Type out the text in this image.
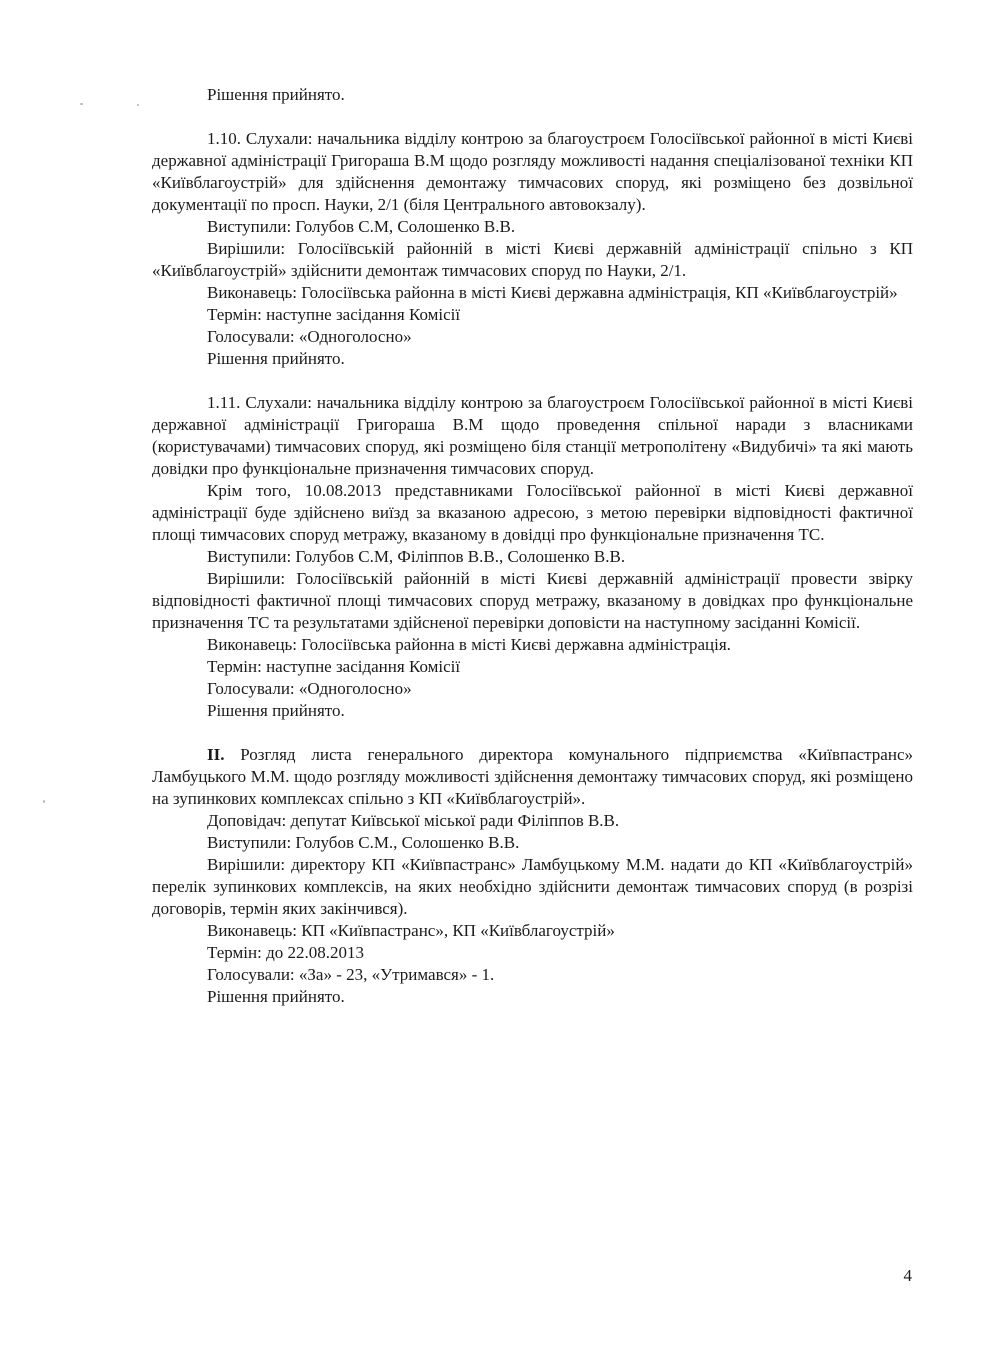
Рішення прийнято.

1.10. Слухали: начальника відділу контрою за благоустроєм Голосіївської районної в місті Києві державної адміністрації Григораша В.М щодо розгляду можливості надання спеціалізованої техніки КП «Київблагоустрій» для здійснення демонтажу тимчасових споруд, які розміщено без дозвільної документації по просп. Науки, 2/1 (біля Центрального автовокзалу).

Виступили: Голубов С.М, Солошенко В.В.

Вирішили: Голосіївській районній в місті Києві державній адміністрації спільно з КП «Київблагоустрій» здійснити демонтаж тимчасових споруд по Науки, 2/1.

Виконавець: Голосіївська районна в місті Києві державна адміністрація, КП «Київблагоустрій»

Термін: наступне засідання Комісії

Голосували: «Одноголосно»

Рішення прийнято.

1.11. Слухали: начальника відділу контрою за благоустроєм Голосіївської районної в місті Києві державної адміністрації Григораша В.М щодо проведення спільної наради з власниками (користувачами) тимчасових споруд, які розміщено біля станції метрополітену «Видубичі» та які мають довідки про функціональне призначення тимчасових споруд.

Крім того, 10.08.2013 представниками Голосіївської районної в місті Києві державної адміністрації буде здійснено виїзд за вказаною адресою, з метою перевірки відповідності фактичної площі тимчасових споруд метражу, вказаному в довідці про функціональне призначення ТС.

Виступили: Голубов С.М, Філіппов В.В., Солошенко В.В.

Вирішили: Голосіївській районній в місті Києві державній адміністрації провести звірку відповідності фактичної площі тимчасових споруд метражу, вказаному в довідках про функціональне призначення ТС та результатами здійсненої перевірки доповісти на наступному засіданні Комісії.

Виконавець: Голосіївська районна в місті Києві державна адміністрація.

Термін: наступне засідання Комісії

Голосували: «Одноголосно»

Рішення прийнято.

II. Розгляд листа генерального директора комунального підприємства «Київпастранс» Ламбуцького М.М. щодо розгляду можливості здійснення демонтажу тимчасових споруд, які розміщено на зупинкових комплексах спільно з КП «Київблагоустрій».

Доповідач: депутат Київської міської ради Філіппов В.В.

Виступили: Голубов С.М., Солошенко В.В.

Вирішили: директору КП «Київпастранс» Ламбуцькому М.М. надати до КП «Київблагоустрій» перелік зупинкових комплексів, на яких необхідно здійснити демонтаж тимчасових споруд (в розрізі договорів, термін яких закінчився).

Виконавець: КП «Київпастранс», КП «Київблагоустрій»

Термін: до 22.08.2013

Голосували: «За» - 23, «Утримався» - 1.

Рішення прийнято.

4
